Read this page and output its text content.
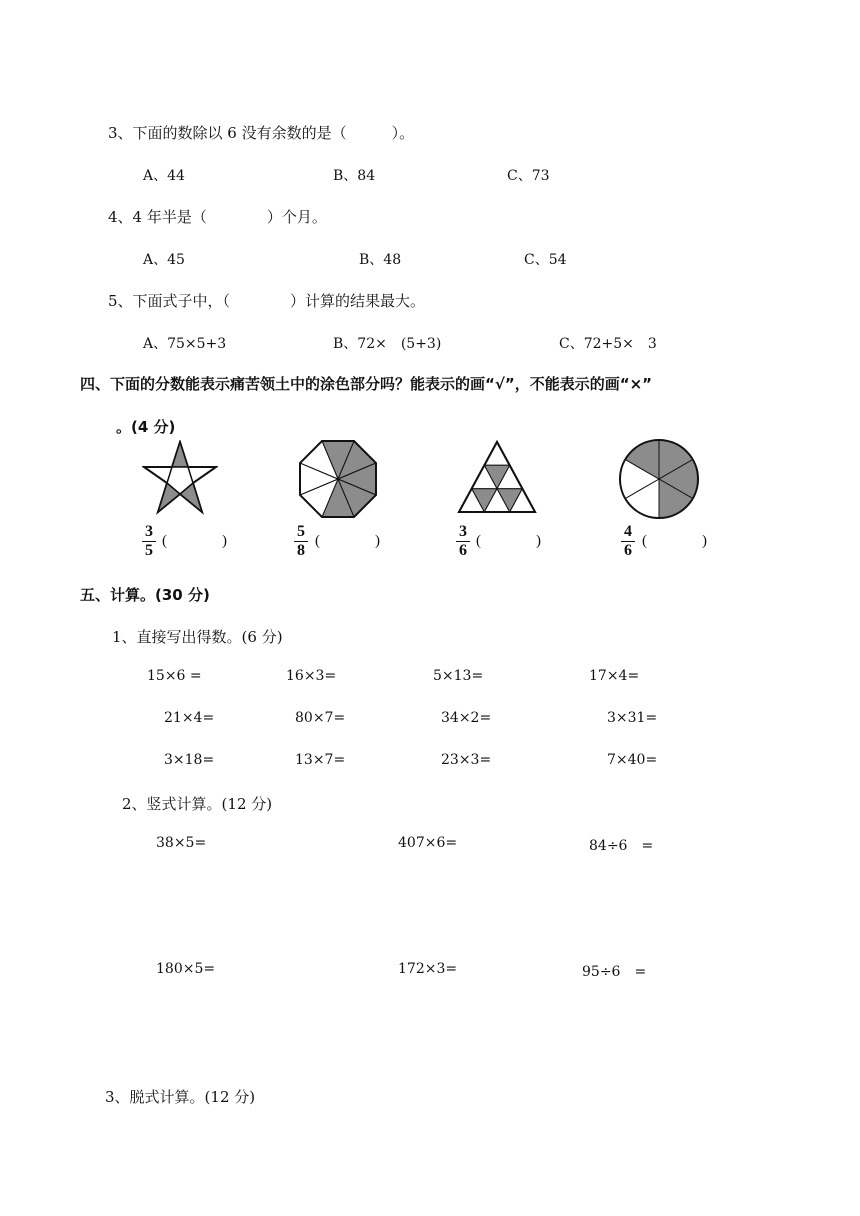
3、下面的数除以 6 没有余数的是（　　　）。
A、44	B、84	C、73
4、4 年半是（　　　　）个月。
A、45	B、48	C、54
5、下面式子中，（　　　　）计算的结果最大。
A、75×5+3	B、72×　(5+3)	C、72+5×　3
四、下面的分数能表示痛苦领土中的涂色部分吗？能表示的画“√”，不能表示的画“×”
。(4 分)
3
5
(	)
5
8
(	)
3
6
(	)
4
6
(	)
五、计算。(30 分)
1、直接写出得数。(6 分)
15×6 =	16×3=	5×13=	17×4=
21×4=	80×7=	34×2=	3×31=
3×18=	13×7=	23×3=	7×40=
2、竖式计算。(12 分)
38×5=	407×6=	84÷6　=
180×5=	172×3=	95÷6　=
3、脱式计算。(12 分)
